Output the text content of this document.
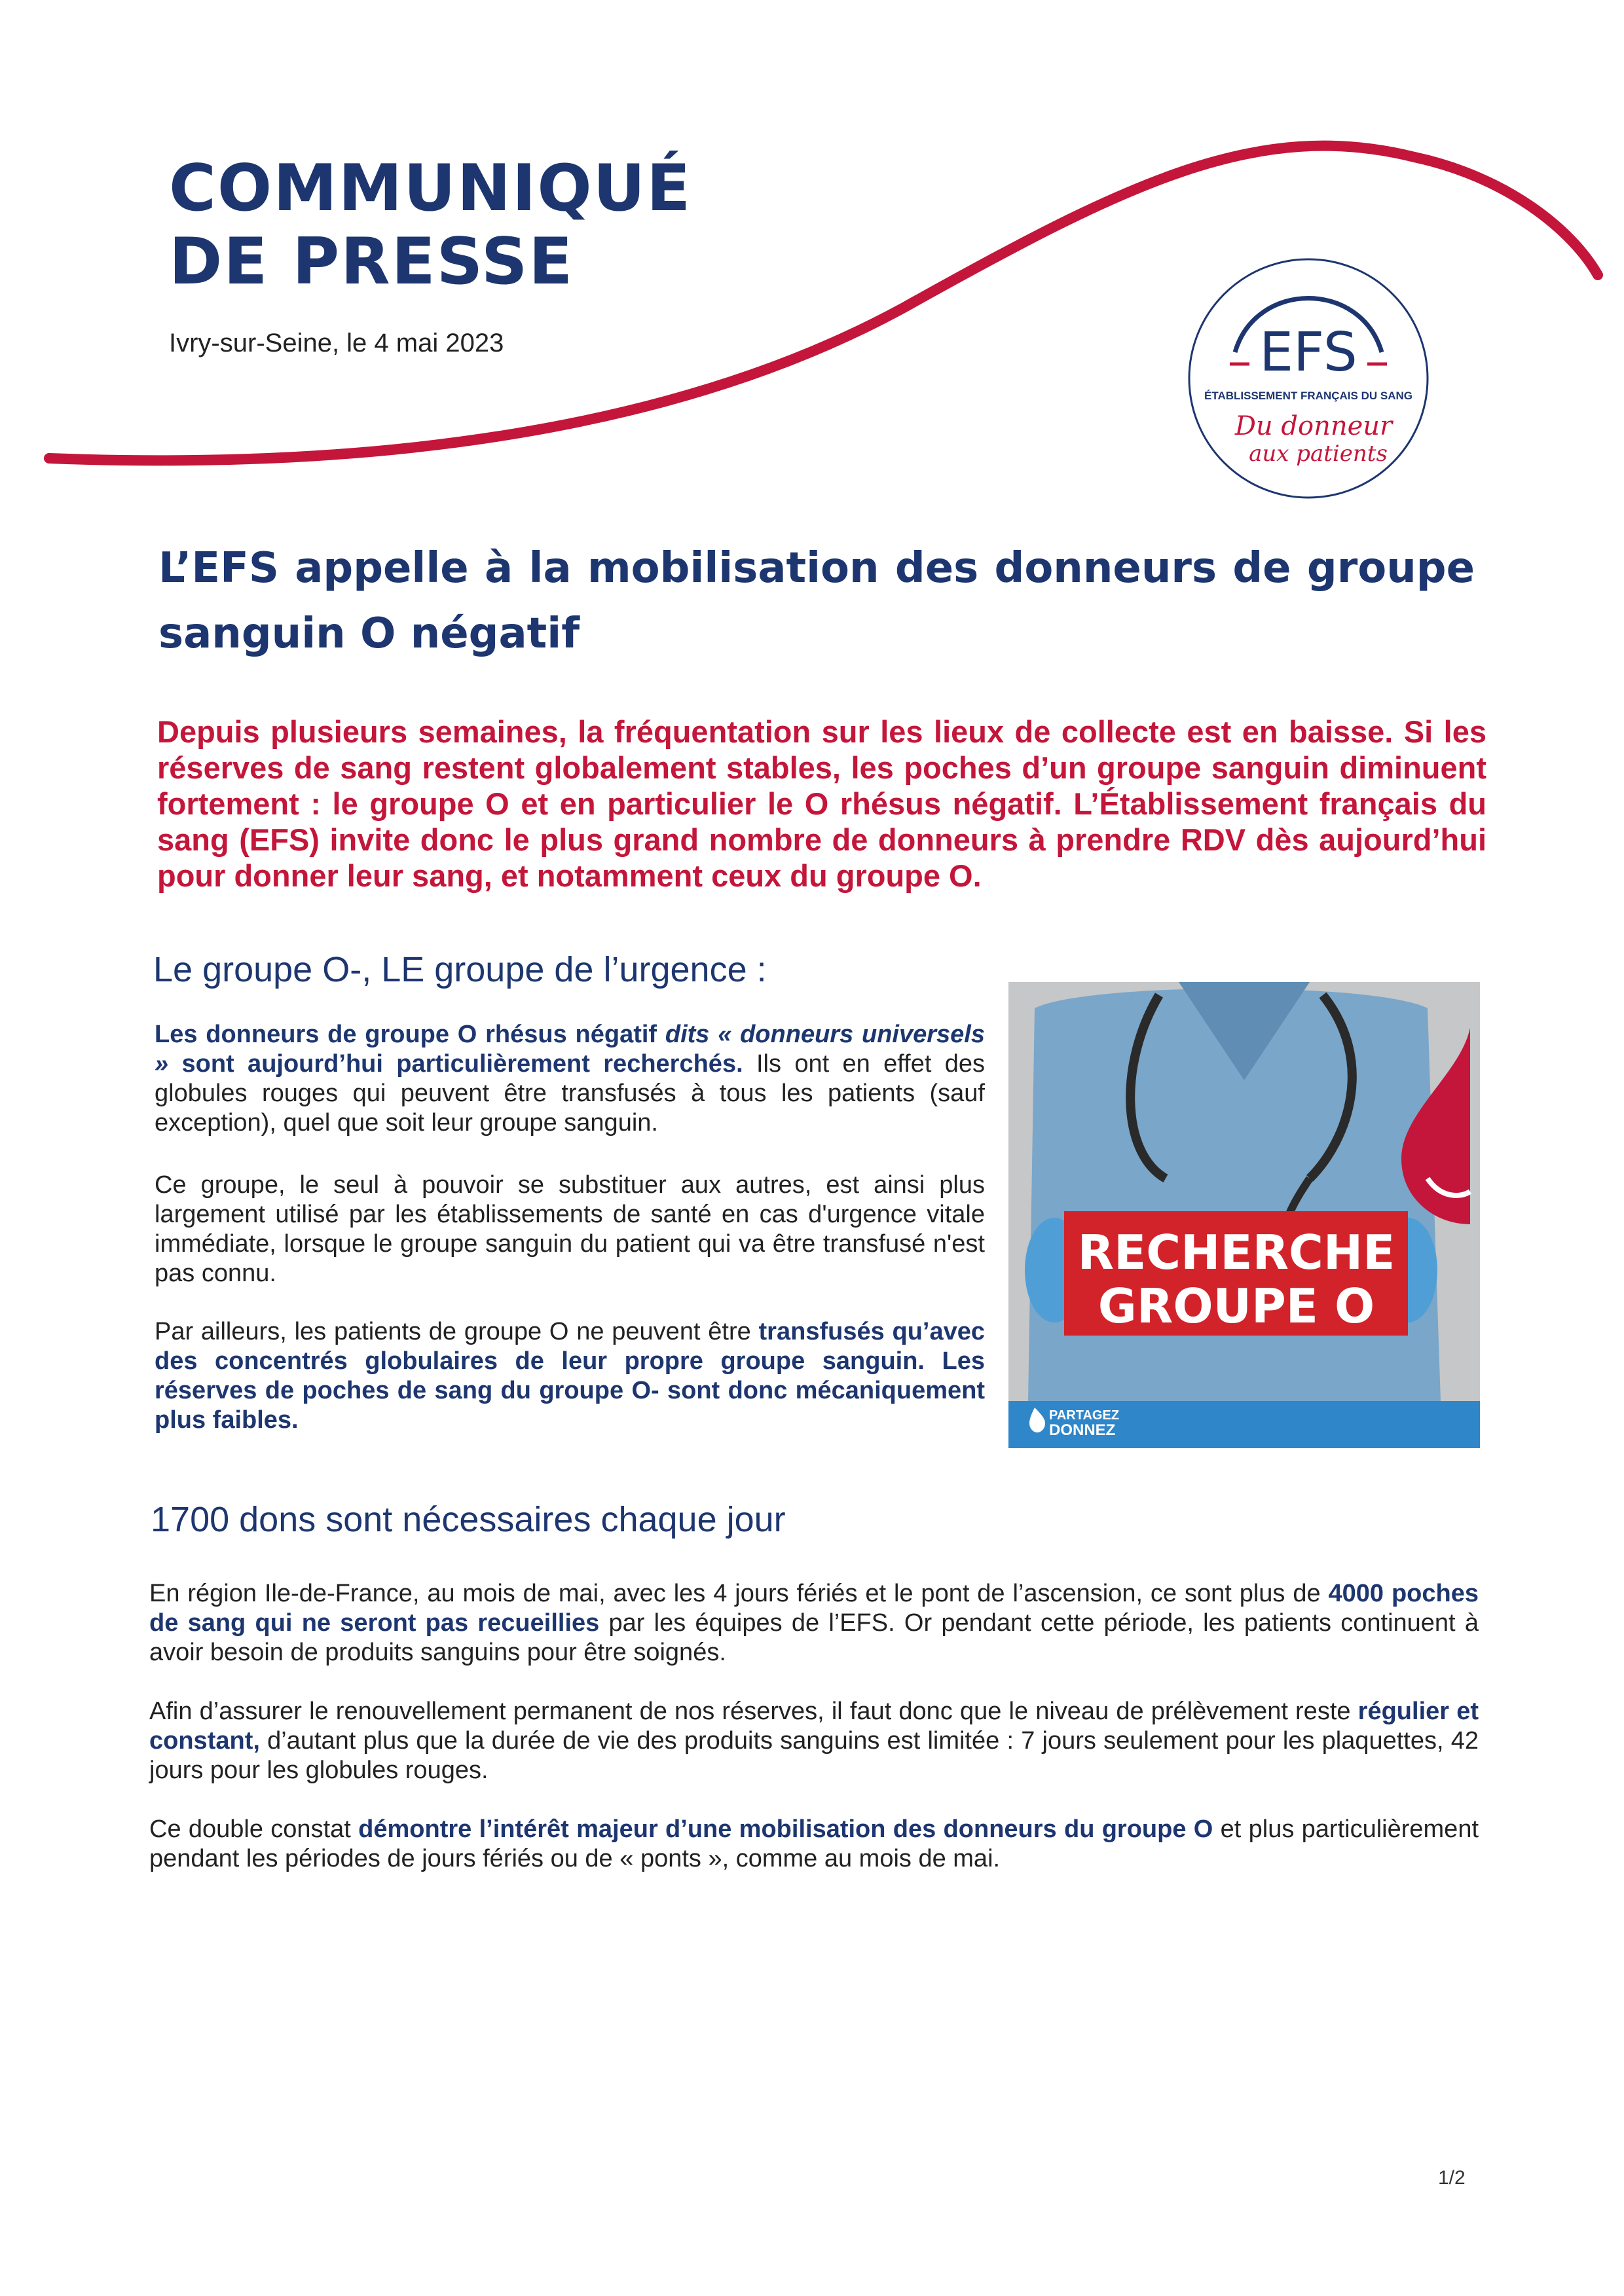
COMMUNIQUÉ
DE PRESSE
Ivry-sur-Seine, le 4 mai 2023	EFS
ÉTABLISSEMENT FRANÇAIS DU SANG
Du donneur
aux patients
L’EFS appelle à la mobilisation des donneurs de groupe sanguin O négatif
Depuis plusieurs semaines, la fréquentation sur les lieux de collecte est en baisse. Si les réserves de sang restent globalement stables, les poches d’un groupe sanguin diminuent fortement : le groupe O et en particulier le O rhésus négatif. L’Établissement français du sang (EFS) invite donc le plus grand nombre de donneurs à prendre RDV dès aujourd’hui pour donner leur sang, et notamment ceux du groupe O.
Le groupe O-, LE groupe de l’urgence :
Les donneurs de groupe O rhésus négatif dits « donneurs universels » sont aujourd’hui particulièrement recherchés. Ils ont en effet des globules rouges qui peuvent être transfusés à tous les patients (sauf exception), quel que soit leur groupe sanguin.
Ce groupe, le seul à pouvoir se substituer aux autres, est ainsi plus largement utilisé par les établissements de santé en cas d'urgence vitale immédiate, lorsque le groupe sanguin du patient qui va être transfusé n'est pas connu.
Par ailleurs, les patients de groupe O ne peuvent être transfusés qu’avec des concentrés globulaires de leur propre groupe sanguin. Les réserves de poches de sang du groupe O- sont donc mécaniquement plus faibles.
RECHERCHE
GROUPE O
PARTAGEZ
DONNEZ
1700 dons sont nécessaires chaque jour
En région Ile-de-France, au mois de mai, avec les 4 jours fériés et le pont de l’ascension, ce sont plus de 4000 poches de sang qui ne seront pas recueillies par les équipes de l’EFS. Or pendant cette période, les patients continuent à avoir besoin de produits sanguins pour être soignés.
Afin d’assurer le renouvellement permanent de nos réserves, il faut donc que le niveau de prélèvement reste régulier et constant, d’autant plus que la durée de vie des produits sanguins est limitée : 7 jours seulement pour les plaquettes, 42 jours pour les globules rouges.
Ce double constat démontre l’intérêt majeur d’une mobilisation des donneurs du groupe O et plus particulièrement pendant les périodes de jours fériés ou de « ponts », comme au mois de mai.
1/2
